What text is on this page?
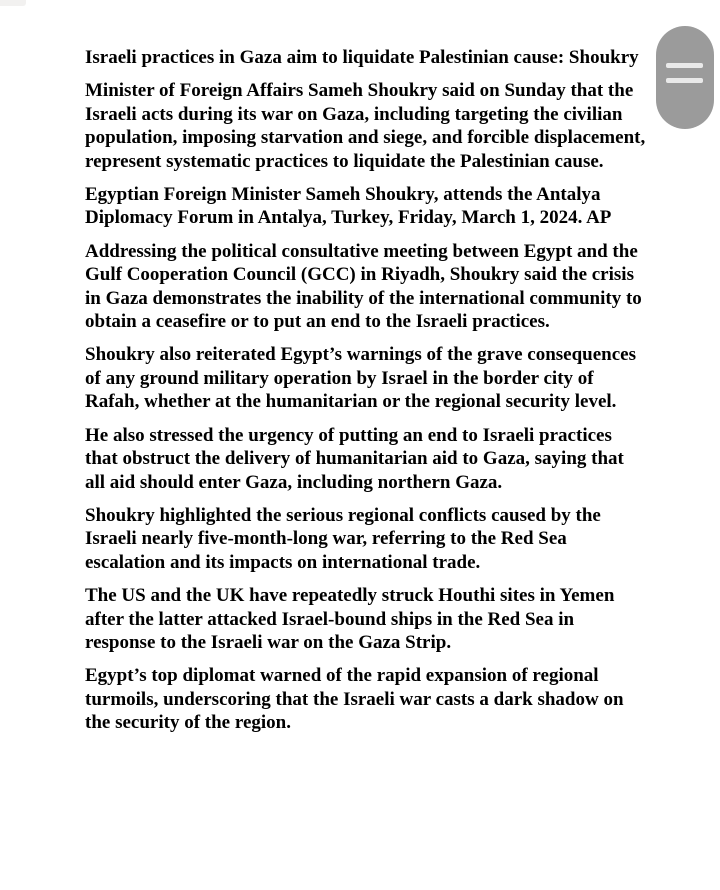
Israeli practices in Gaza aim to liquidate Palestinian cause: Shoukry

Minister of Foreign Affairs Sameh Shoukry said on Sunday that the Israeli acts during its war on Gaza, including targeting the civilian population, imposing starvation and siege, and forcible displacement, represent systematic practices to liquidate the Palestinian cause.

Egyptian Foreign Minister Sameh Shoukry, attends the Antalya Diplomacy Forum in Antalya, Turkey, Friday, March 1, 2024. AP

Addressing the political consultative meeting between Egypt and the Gulf Cooperation Council (GCC) in Riyadh, Shoukry said the crisis in Gaza demonstrates the inability of the international community to obtain a ceasefire or to put an end to the Israeli practices.

Shoukry also reiterated Egypt’s warnings of the grave consequences of any ground military operation by Israel in the border city of Rafah, whether at the humanitarian or the regional security level.

He also stressed the urgency of putting an end to Israeli practices that obstruct the delivery of humanitarian aid to Gaza, saying that all aid should enter Gaza, including northern Gaza.

Shoukry highlighted the serious regional conflicts caused by the Israeli nearly five-month-long war, referring to the Red Sea escalation and its impacts on international trade.

The US and the UK have repeatedly struck Houthi sites in Yemen after the latter attacked Israel-bound ships in the Red Sea in response to the Israeli war on the Gaza Strip.

Egypt’s top diplomat warned of the rapid expansion of regional turmoils, underscoring that the Israeli war casts a dark shadow on the security of the region.
